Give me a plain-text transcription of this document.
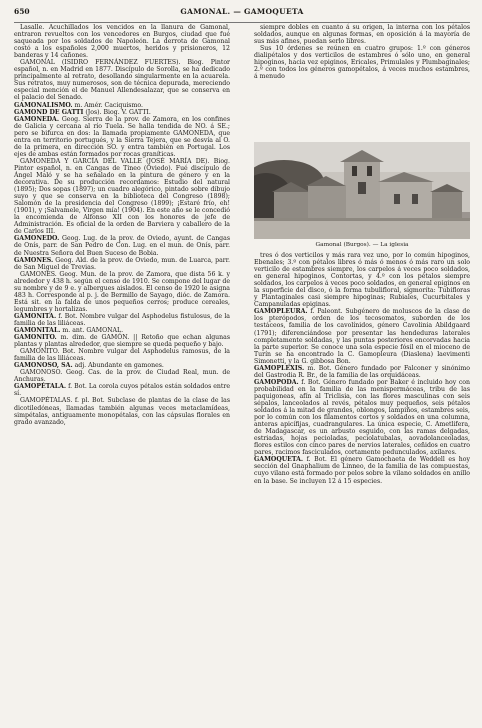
650	GAMONAL. — GAMOQUETA

Lasalle. Acuchillados los vencidos en la llanura de Gamonal, entraron revueltos con los vencedores en Burgos, ciudad que fué saqueada por los soldados de Napoleón. La derrota de Gamonal costó a los españoles 2,000 muertos, heridos y prisioneros, 12 banderas y 14 cañones.

GAMONAL (ISIDRO FERNÁNDEZ FUERTES). Biog. Pintor español, n. en Madrid en 1877. Discípulo de Sorolla, se ha dedicado principalmente al retrato, desollando singularmente en la acuarela. Sus retratos, muy numerosos, son de técnica depurada, mereciendo especial mención el de Manuel Allendesalazar, que se conserva en el palacio del Senado.

GAMONALISMO. m. Amér. Caciquismo.

GAMOND DE GATTI (Jos). Biog. V. GATTI.

GAMONEDA. Geog. Sierra de la prov. de Zamora, en los confines de Galicia y cercana al río Tuela. Se halla tendida de NO. á SE.; pero se bifurca en dos: la llamada propiamente GAMONEDA, que entra en territorio portugués, y la Sierra Tejera, que se desvía al O. de la primera, en dirección SO. y entra también en Portugal. Los ejes de ambas están formados por rocas graníticas.

GAMONEDA Y GARCÍA DEL VALLE (JOSÉ MARÍA DE). Biog. Pintor español, n. en Cangas de Tineo (Oviedo). Fué discípulo de Ángel Maló y se ha señalado en la pintura de género y en la decorativa. De su producción recordamos: Estudio del natural (1895); Dos sopas (1897); un cuadro alegórico, pintado sobre dibujo suyo y que se conserva en la biblioteca del Congreso (1898); Salomón de la presidencia del Congreso (1899); ¡Estaré frío, eh! (1901), y ¡Salvamele, Virgen mía! (1904). En este año se le concedió la encomienda de Alfonso XII con los honores de jefe de Administración. Es oficial de la orden de Barviera y caballero de la de Carlos III.

GAMONEDO. Geog. Lug. de la prov. de Oviedo, ayunt. de Cangas de Onís, parr. de San Pedro de Con. Lug. en el mun. de Onís, parr. de Nuestra Señora del Buen Suceso de Bobia.

GAMONES. Geog. Ald. de la prov. de Oviedo, mun. de Luarca, parr. de San Miguel de Trevias.

GAMONES. Geog. Mun. de la prov. de Zamora, que dista 56 k. y alrededor y 438 h. según el censo de 1910. Se compone del lugar de su nombre y de 9 e. y albergues aislados. El censo de 1920 le asigna 483 h. Corresponde al p. j. de Bermillo de Sayago, dióc. de Zamora. Está sit. en la falda de unos pequeños cerros; produce cereales, legumbres y hortalizas.

GAMONITA. f. Bot. Nombre vulgar del Asphodelus fistulosus, de la familia de las liliáceas.

GAMONITAL. m. ant. GAMONAL.

GAMONITO. m. dim. de GAMÓN. || Retoño que echan algunas plantas y plantas alrededor, que siempre se queda pequeño y bajo.

GAMONITO. Bot. Nombre vulgar del Asphodelus ramosus, de la familia de las liliáceas.

GAMONOSO, SA. adj. Abundante en gamones.

GAMONOSO. Geog. Cas. de la prov. de Ciudad Real, mun. de Anchuras.

GAMOPÉTALA. f. Bot. La corola cuyos pétalos están soldados entre sí.

GAMOPÉTALAS. f. pl. Bot. Subclase de plantas de la clase de las dicotiledóneas, llamadas también algunas veces metaclamídeas, simpétalas, antiguamente monopétalas, con las cápsulas florales en grado avanzado,

siempre dobles en cuanto á su origen, la interna con los pétalos soldados, aunque en algunas formas, en oposición á la mayoría de sus más afines, puedan serlo libres.

Sus 10 órdenes se reúnen en cuatro grupos: 1.º con géneros dialipétalos y dos verticilos de estambres ó sólo uno, en general hipoginos, hacia vez epiginos, Ericales, Primulales y Plumbaginales; 2.º con todos los géneros gamopétalos, á veces muchos estambres, á menudo

Gamonal (Burgos). — La iglesia

tres ó dos verticilos y más rara vez uno, por lo común hipoginos, Ebenales; 3.º con pétalos libres ó más ó menos ó más raro un solo verticilo de estambres siempre, los carpelos á veces poco soldados, en general hipoginos, Contortas, y 4.º con los pétalos siempre soldados, los carpelos á veces poco soldados, en general epiginos en la superficie del disco, ó la forma tubulifloral, sigmoríta: Tubifloras y Plantaginales casi siempre hipoginas; Rubiales, Cucurbitales y Campanuladas epiginas.

GAMOPLEURA. f. Paleont. Subgénero de moluscos de la clase de los pterópodos, orden de los tecosomatos, suborden de los testáceos, familia de los cavolínidos, género Cavolinia Abildgaard (1791); diferenciándose por presentar las hendeduras laterales completamente soldadas, y las puntas posteriores encorvadas hacia la parte superior. Se conoce una sola especie fósil en el mioceno de Turín se ha encontrado la C. Gamopleura (Diaslena) laevimenti Simonetti, y la G. gibbosa Bon.

GAMOPLEXIS. m. Bot. Género fundado por Falconer y sinónimo del Gastrodia R. Br., de la familia de las orquidáceas.

GAMOPODA. f. Bot. Género fundado por Baker é incluido hoy con probabilidad en la familia de las menispermáceas, tribu de las paquigoneas, afín al Triclisia, con las flores masculinas con seis sépalos, lanceolados al revés, pétalos muy pequeños, seis pétalos soldados á la mitad de grandes, oblongos, lampiños, estambres seis, por lo común con los filamentos cortos y soldados en una columna, anteras apicífijas, cuadrangulares. La única especie, C. Ametlifera, de Madagascar, es un arbusto esguido, con las ramas delgadas, estriadas, hojas pecioladas, peciolatubalas, aovadolanceoladas, flores estilos con cinco pares de nervios laterales, ceñidos en cuatro pares, racimos fasciculados, cortamente pedunculados, axilares.

GAMOQUETA. f. Bot. El género Gamochaeta de Weddell es hoy sección del Gnaphalium de Linneo, de la familia de las compuestas, cuyo vilano está formado por pelos sobre la vilano soldados en anillo en la base. Se incluyen 12 á 15 especies.
